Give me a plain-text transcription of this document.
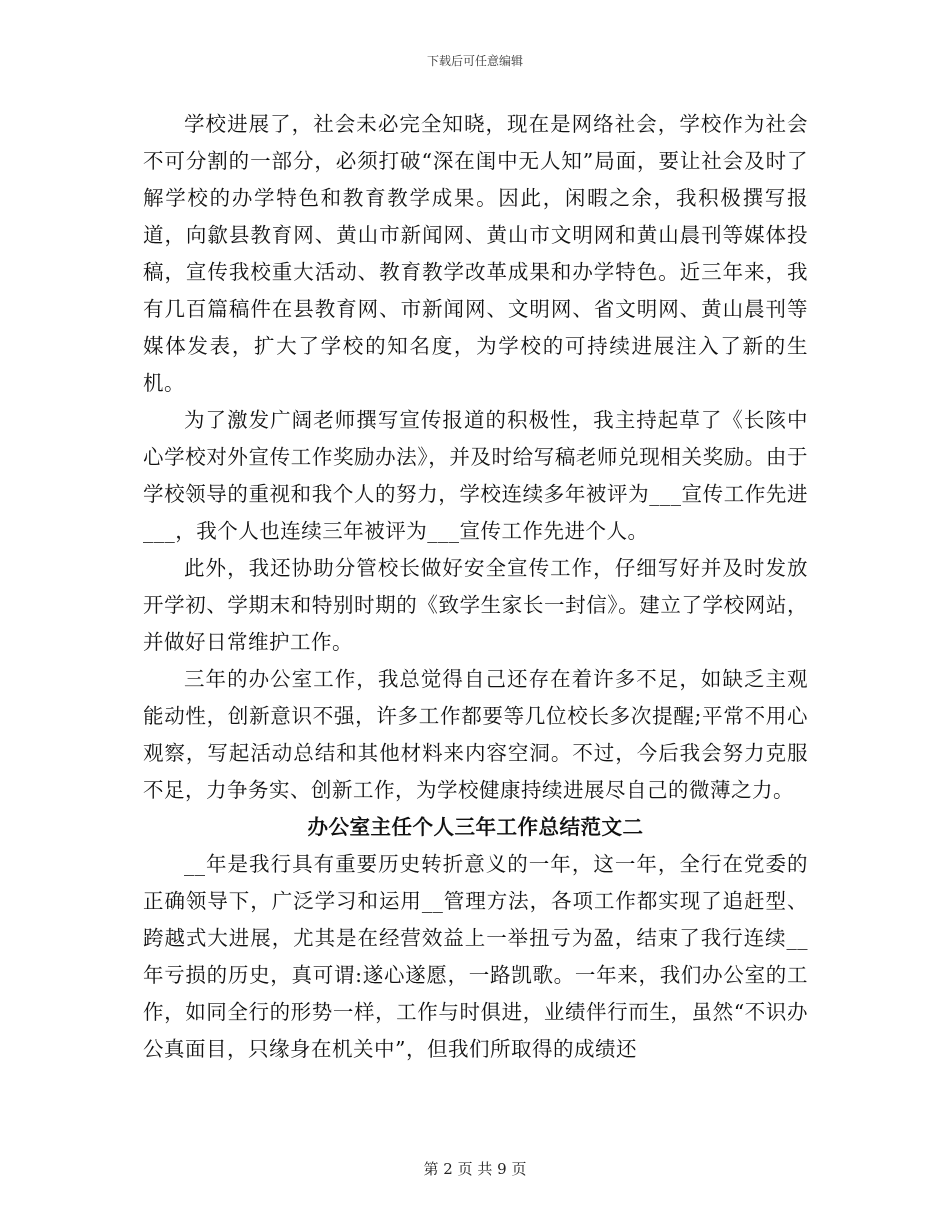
下载后可任意编辑

学校进展了，社会未必完全知晓，现在是网络社会，学校作为社会不可分割的一部分，必须打破“深在闺中无人知”局面，要让社会及时了解学校的办学特色和教育教学成果。因此，闲暇之余，我积极撰写报道，向歙县教育网、黄山市新闻网、黄山市文明网和黄山晨刊等媒体投稿，宣传我校重大活动、教育教学改革成果和办学特色。近三年来，我有几百篇稿件在县教育网、市新闻网、文明网、省文明网、黄山晨刊等媒体发表，扩大了学校的知名度，为学校的可持续进展注入了新的生机。

为了激发广阔老师撰写宣传报道的积极性，我主持起草了《长陔中心学校对外宣传工作奖励办法》，并及时给写稿老师兑现相关奖励。由于学校领导的重视和我个人的努力，学校连续多年被评为___宣传工作先进___，我个人也连续三年被评为___宣传工作先进个人。

此外，我还协助分管校长做好安全宣传工作，仔细写好并及时发放开学初、学期末和特别时期的《致学生家长一封信》。建立了学校网站，并做好日常维护工作。

三年的办公室工作，我总觉得自己还存在着许多不足，如缺乏主观能动性，创新意识不强，许多工作都要等几位校长多次提醒;平常不用心观察，写起活动总结和其他材料来内容空洞。不过，今后我会努力克服不足，力争务实、创新工作，为学校健康持续进展尽自己的微薄之力。

办公室主任个人三年工作总结范文二

__年是我行具有重要历史转折意义的一年，这一年，全行在党委的正确领导下，广泛学习和运用__管理方法，各项工作都实现了追赶型、跨越式大进展，尤其是在经营效益上一举扭亏为盈，结束了我行连续__年亏损的历史，真可谓:遂心遂愿，一路凯歌。一年来，我们办公室的工作，如同全行的形势一样，工作与时俱进，业绩伴行而生，虽然“不识办公真面目，只缘身在机关中”，但我们所取得的成绩还

第 2 页 共 9 页
